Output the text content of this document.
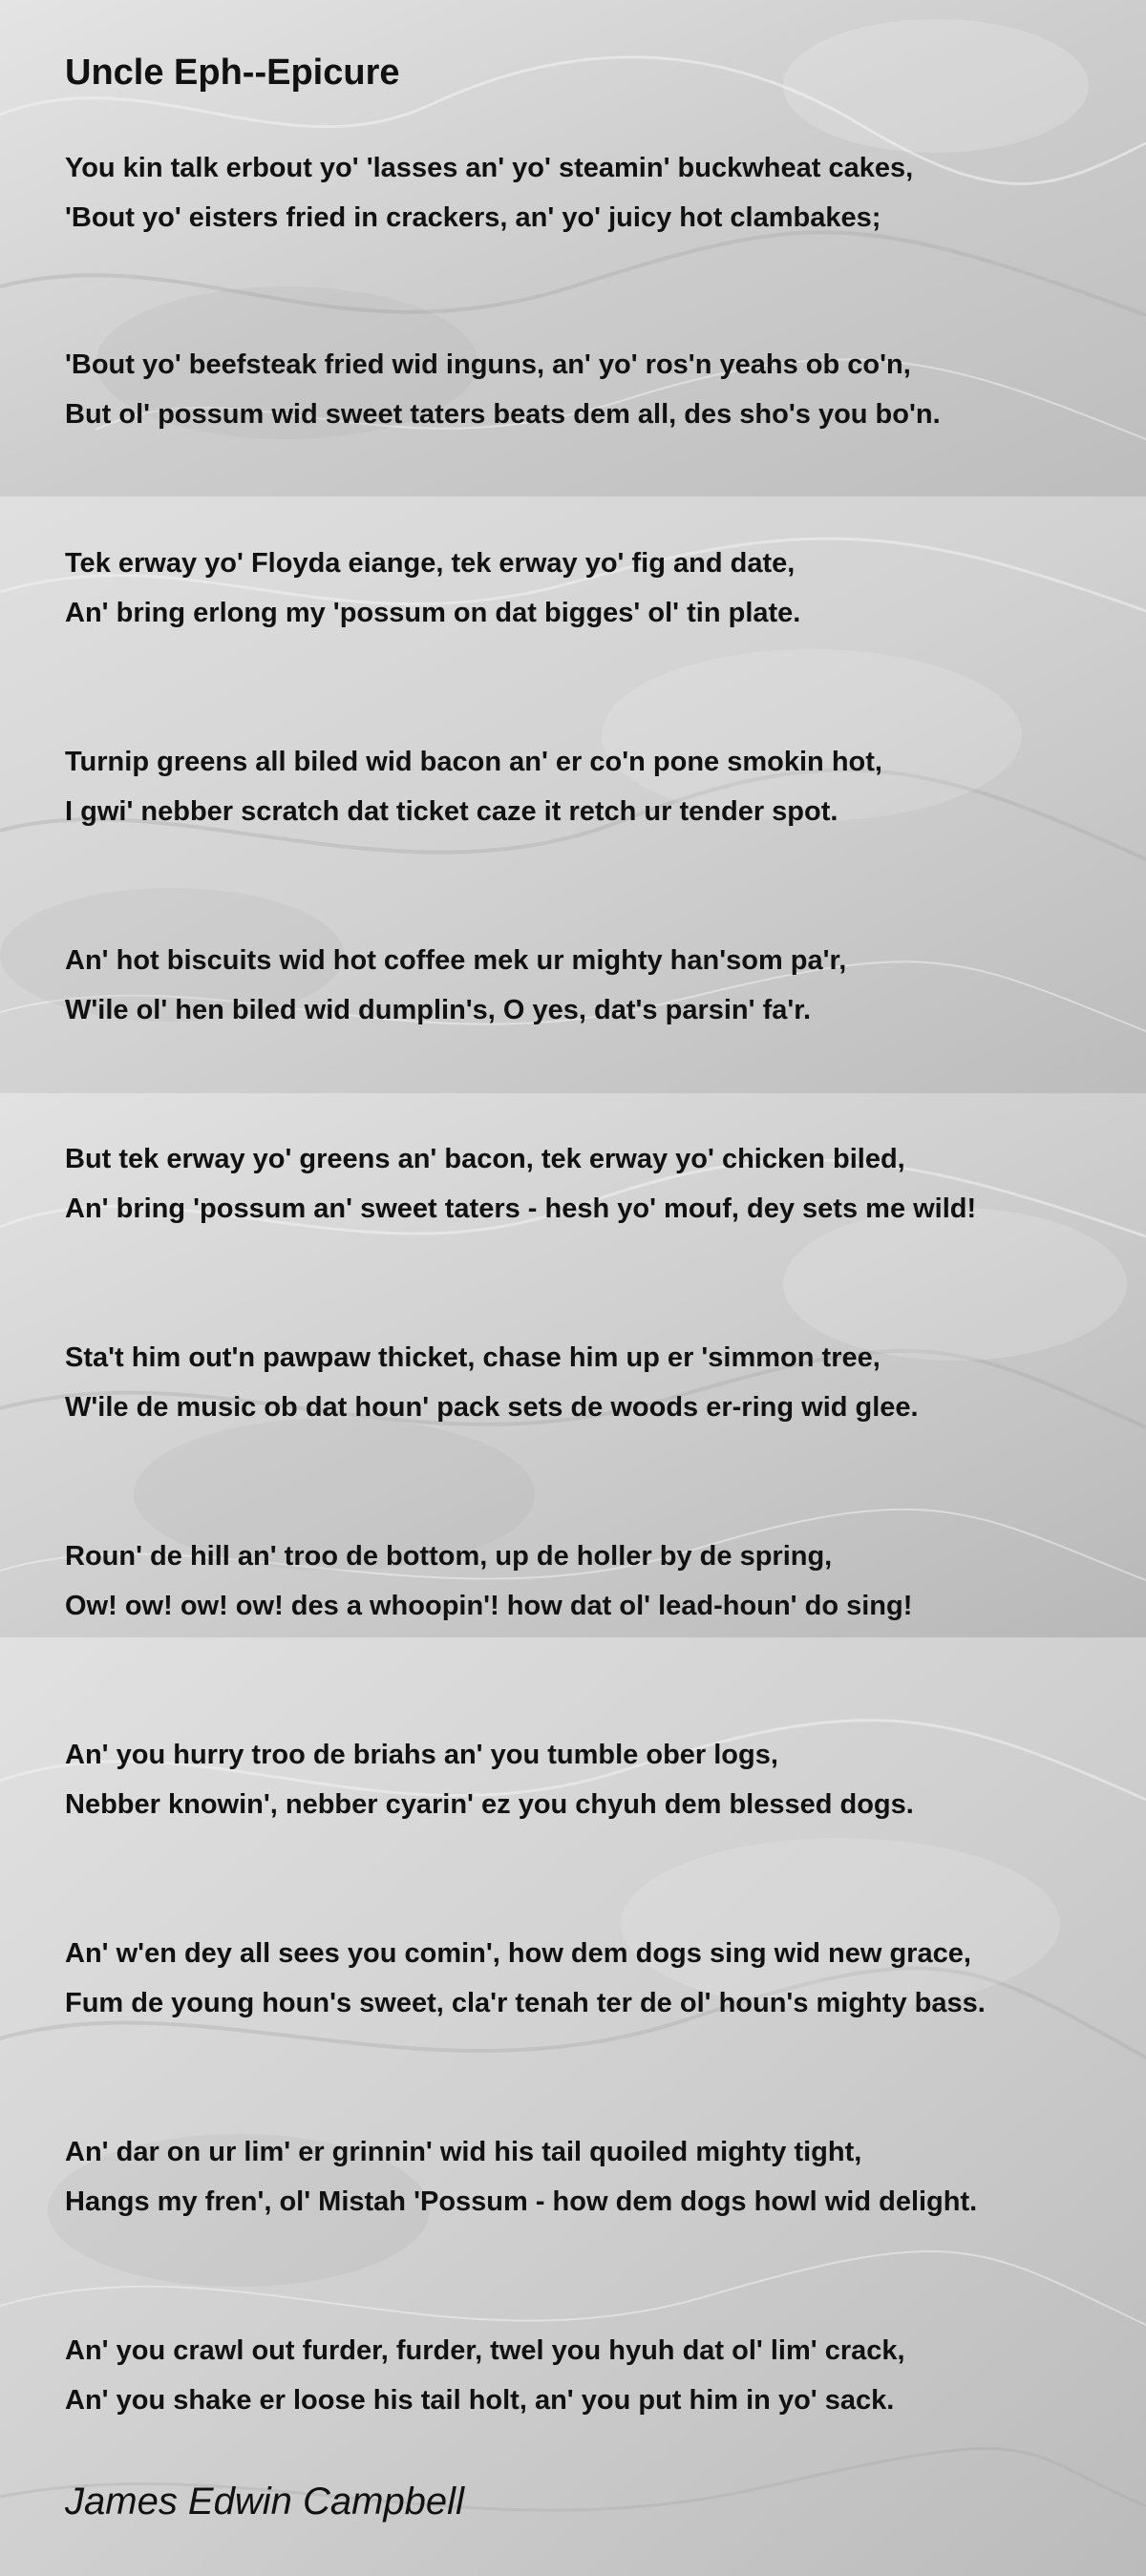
Uncle Eph--Epicure

You kin talk erbout yo' 'lasses an' yo' steamin' buckwheat cakes,
'Bout yo' eisters fried in crackers, an' yo' juicy hot clambakes;

'Bout yo' beefsteak fried wid inguns, an' yo' ros'n yeahs ob co'n,
But ol' possum wid sweet taters beats dem all, des sho's you bo'n.

Tek erway yo' Floyda eiange, tek erway yo' fig and date,
An' bring erlong my 'possum on dat bigges' ol' tin plate.

Turnip greens all biled wid bacon an' er co'n pone smokin hot,
I gwi' nebber scratch dat ticket caze it retch ur tender spot.

An' hot biscuits wid hot coffee mek ur mighty han'som pa'r,
W'ile ol' hen biled wid dumplin's, O yes, dat's parsin' fa'r.

But tek erway yo' greens an' bacon, tek erway yo' chicken biled,
An' bring 'possum an' sweet taters - hesh yo' mouf, dey sets me wild!

Sta't him out'n pawpaw thicket, chase him up er 'simmon tree,
W'ile de music ob dat houn' pack sets de woods er-ring wid glee.

Roun' de hill an' troo de bottom, up de holler by de spring,
Ow! ow! ow! ow! des a whoopin'! how dat ol' lead-houn' do sing!

An' you hurry troo de briahs an' you tumble ober logs,
Nebber knowin', nebber cyarin' ez you chyuh dem blessed dogs.

An' w'en dey all sees you comin', how dem dogs sing wid new grace,
Fum de young houn's sweet, cla'r tenah ter de ol' houn's mighty bass.

An' dar on ur lim' er grinnin' wid his tail quoiled mighty tight,
Hangs my fren', ol' Mistah 'Possum - how dem dogs howl wid delight.

An' you crawl out furder, furder, twel you hyuh dat ol' lim' crack,
An' you shake er loose his tail holt, an' you put him in yo' sack.

James Edwin Campbell
